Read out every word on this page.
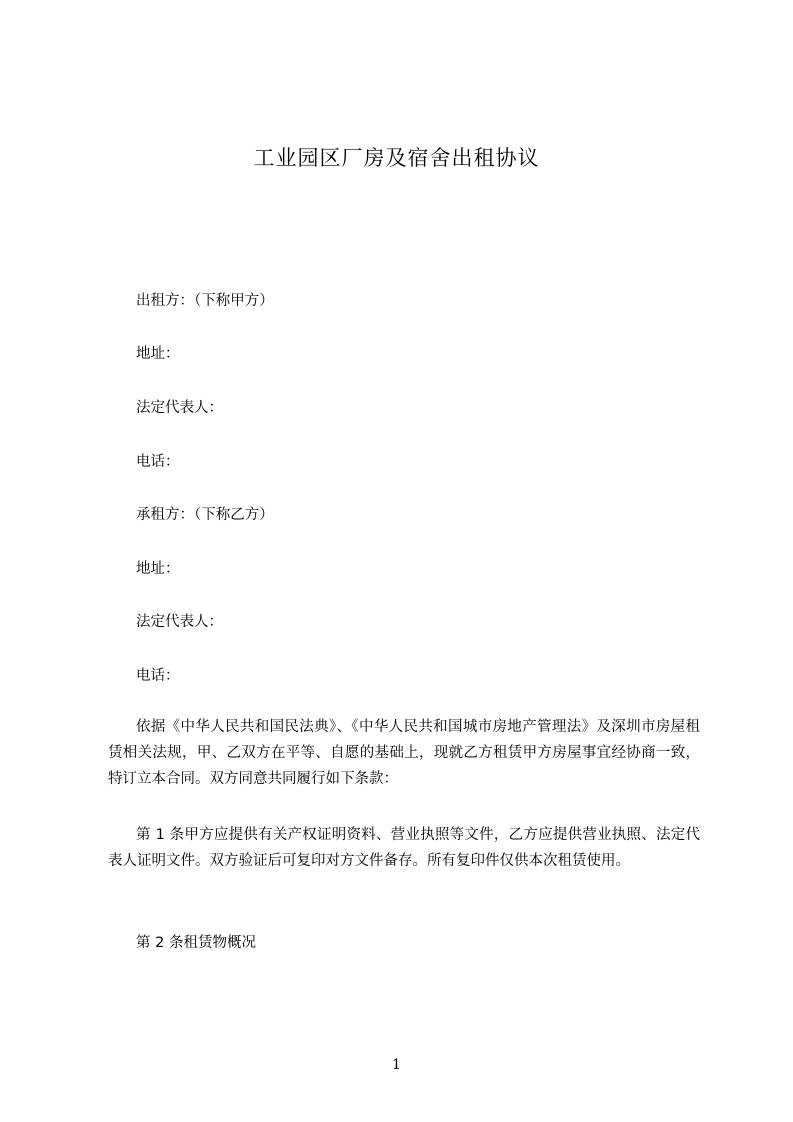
工业园区厂房及宿舍出租协议
出租方：（下称甲方）
地址：
法定代表人：
电话：
承租方：（下称乙方）
地址：
法定代表人：
电话：
依据《中华人民共和国民法典》、《中华人民共和国城市房地产管理法》及深圳市房屋租赁相关法规，甲、乙双方在平等、自愿的基础上，现就乙方租赁甲方房屋事宜经协商一致，特订立本合同。双方同意共同履行如下条款：
第 1 条甲方应提供有关产权证明资料、营业执照等文件，乙方应提供营业执照、法定代表人证明文件。双方验证后可复印对方文件备存。所有复印件仅供本次租赁使用。
第 2 条租赁物概况
1
